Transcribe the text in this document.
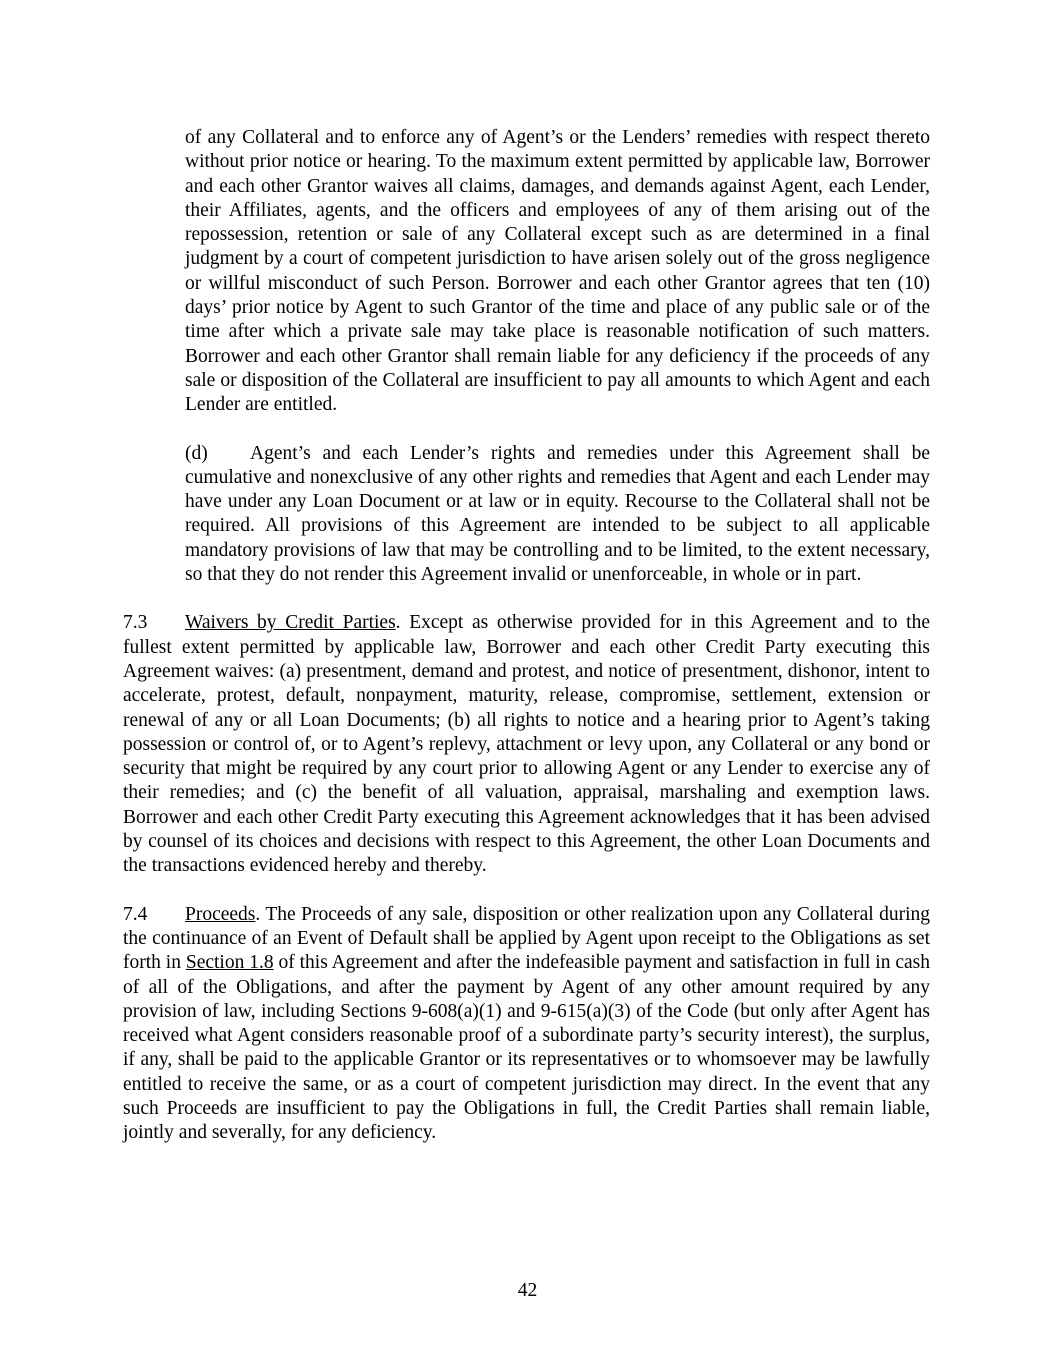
of any Collateral and to enforce any of Agent’s or the Lenders’ remedies with respect thereto without prior notice or hearing. To the maximum extent permitted by applicable law, Borrower and each other Grantor waives all claims, damages, and demands against Agent, each Lender, their Affiliates, agents, and the officers and employees of any of them arising out of the repossession, retention or sale of any Collateral except such as are determined in a final judgment by a court of competent jurisdiction to have arisen solely out of the gross negligence or willful misconduct of such Person. Borrower and each other Grantor agrees that ten (10) days’ prior notice by Agent to such Grantor of the time and place of any public sale or of the time after which a private sale may take place is reasonable notification of such matters. Borrower and each other Grantor shall remain liable for any deficiency if the proceeds of any sale or disposition of the Collateral are insufficient to pay all amounts to which Agent and each Lender are entitled.

(d) Agent’s and each Lender’s rights and remedies under this Agreement shall be cumulative and nonexclusive of any other rights and remedies that Agent and each Lender may have under any Loan Document or at law or in equity. Recourse to the Collateral shall not be required. All provisions of this Agreement are intended to be subject to all applicable mandatory provisions of law that may be controlling and to be limited, to the extent necessary, so that they do not render this Agreement invalid or unenforceable, in whole or in part.

7.3 Waivers by Credit Parties. Except as otherwise provided for in this Agreement and to the fullest extent permitted by applicable law, Borrower and each other Credit Party executing this Agreement waives: (a) presentment, demand and protest, and notice of presentment, dishonor, intent to accelerate, protest, default, nonpayment, maturity, release, compromise, settlement, extension or renewal of any or all Loan Documents; (b) all rights to notice and a hearing prior to Agent’s taking possession or control of, or to Agent’s replevy, attachment or levy upon, any Collateral or any bond or security that might be required by any court prior to allowing Agent or any Lender to exercise any of their remedies; and (c) the benefit of all valuation, appraisal, marshaling and exemption laws. Borrower and each other Credit Party executing this Agreement acknowledges that it has been advised by counsel of its choices and decisions with respect to this Agreement, the other Loan Documents and the transactions evidenced hereby and thereby.

7.4 Proceeds. The Proceeds of any sale, disposition or other realization upon any Collateral during the continuance of an Event of Default shall be applied by Agent upon receipt to the Obligations as set forth in Section 1.8 of this Agreement and after the indefeasible payment and satisfaction in full in cash of all of the Obligations, and after the payment by Agent of any other amount required by any provision of law, including Sections 9-608(a)(1) and 9-615(a)(3) of the Code (but only after Agent has received what Agent considers reasonable proof of a subordinate party’s security interest), the surplus, if any, shall be paid to the applicable Grantor or its representatives or to whomsoever may be lawfully entitled to receive the same, or as a court of competent jurisdiction may direct. In the event that any such Proceeds are insufficient to pay the Obligations in full, the Credit Parties shall remain liable, jointly and severally, for any deficiency.

42
